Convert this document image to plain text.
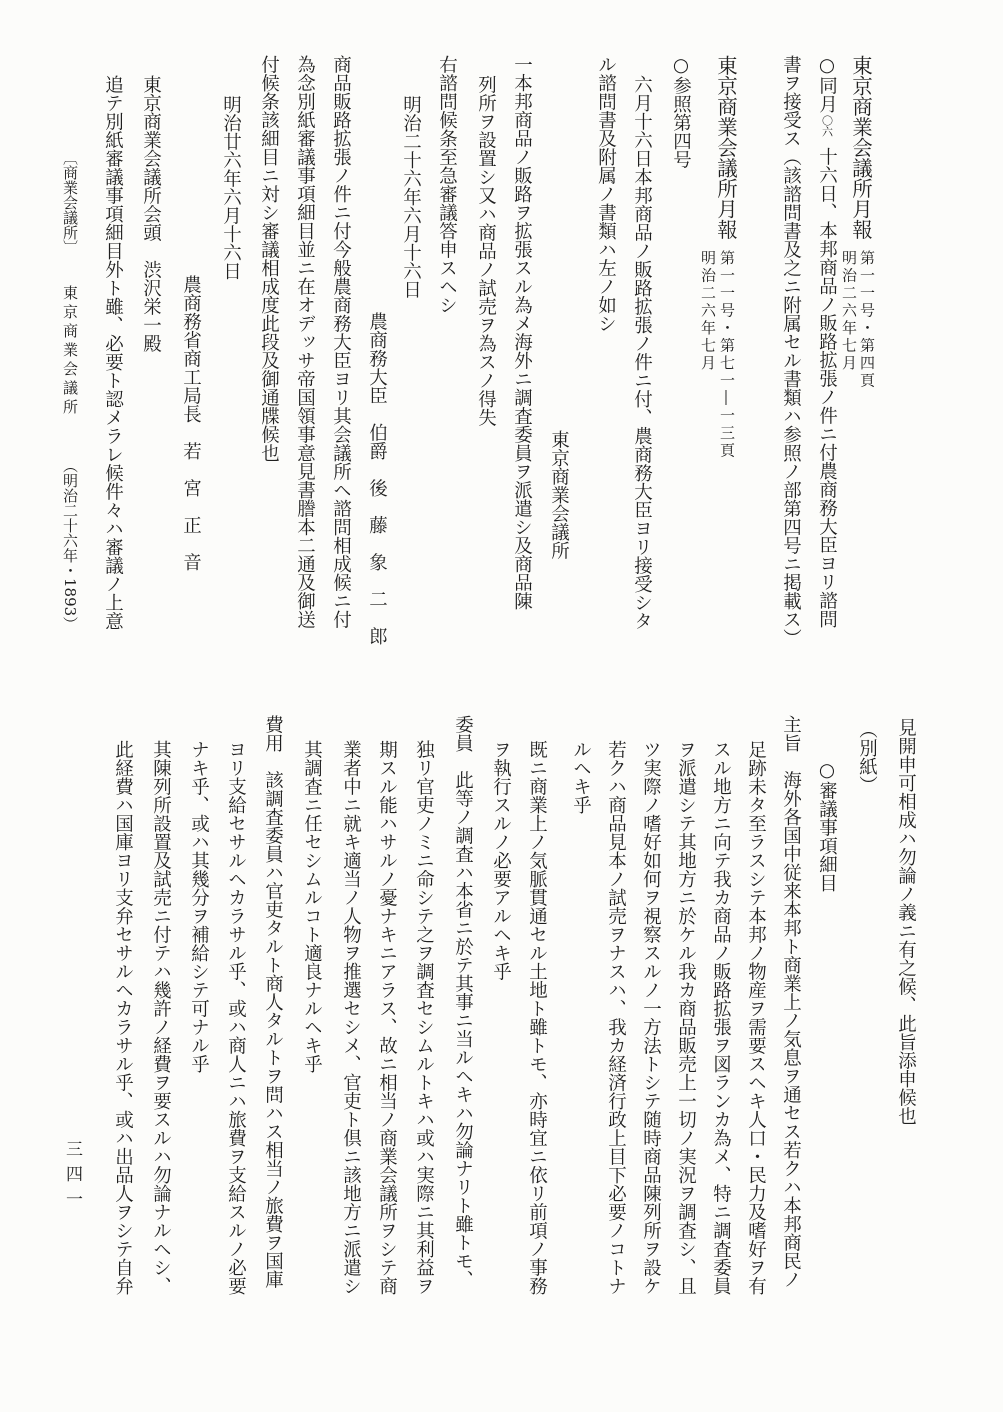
東京商業会議所月報
第一一号・第四頁
明治二六年七月
○同月〇六十六日、本邦商品ノ販路拡張ノ件ニ付農商務大臣ヨリ諮問
書ヲ接受ス（該諮問書及之ニ附属セル書類ハ参照ノ部第四号ニ掲載ス）
東京商業会議所月報
第一一号・第七一―一三頁
明治二六年七月
○参照第四号
六月十六日本邦商品ノ販路拡張ノ件ニ付、農商務大臣ヨリ接受シタ
ル諮問書及附属ノ書類ハ左ノ如シ
東京商業会議所
一本邦商品ノ販路ヲ拡張スル為メ海外ニ調査委員ヲ派遣シ及商品陳
列所ヲ設置シ又ハ商品ノ試売ヲ為スノ得失
右諮問候条至急審議答申スヘシ
明治二十六年六月十六日
農商務大臣　伯爵　後　藤　象　二　郎
商品販路拡張ノ件ニ付今般農商務大臣ヨリ其会議所ヘ諮問相成候ニ付
為念別紙審議事項細目並ニ在オデッサ帝国領事意見書謄本二通及御送
付候条該細目ニ対シ審議相成度此段及御通牒候也
明治廿六年六月十六日
農商務省商工局長　若　宮　正　音
東京商業会議所会頭　渋沢栄一殿
追テ別紙審議事項細目外ト雖、必要ト認メラレ候件々ハ審議ノ上意
〔商業会議所〕東京商業会議所（明治二十六年・1893）
見開申可相成ハ勿論ノ義ニ有之候、此旨添申候也
（別紙）
○審議事項細目
主旨海外各国中従来本邦ト商業上ノ気息ヲ通セス若クハ本邦商民ノ
足跡未タ至ラスシテ本邦ノ物産ヲ需要スヘキ人口・民力及嗜好ヲ有
スル地方ニ向テ我カ商品ノ販路拡張ヲ図ランカ為メ、特ニ調査委員
ヲ派遣シテ其地方ニ於ケル我カ商品販売上一切ノ実況ヲ調査シ、且
ツ実際ノ嗜好如何ヲ視察スルノ一方法トシテ随時商品陳列所ヲ設ケ
若クハ商品見本ノ試売ヲナスハ、我カ経済行政上目下必要ノコトナ
ルヘキ乎
既ニ商業上ノ気脈貫通セル土地ト雖トモ、亦時宜ニ依リ前項ノ事務
ヲ執行スルノ必要アルヘキ乎
委員此等ノ調査ハ本省ニ於テ其事ニ当ルヘキハ勿論ナリト雖トモ、
独リ官吏ノミニ命シテ之ヲ調査セシムルトキハ或ハ実際ニ其利益ヲ
期スル能ハサルノ憂ナキニアラス、故ニ相当ノ商業会議所ヲシテ商
業者中ニ就キ適当ノ人物ヲ推選セシメ、官吏ト倶ニ該地方ニ派遣シ
其調査ニ任セシムルコト適良ナルヘキ乎
費用該調査委員ハ官吏タルト商人タルトヲ問ハス相当ノ旅費ヲ国庫
ヨリ支給セサルヘカラサル乎、或ハ商人ニハ旅費ヲ支給スルノ必要
ナキ乎、或ハ其幾分ヲ補給シテ可ナル乎
其陳列所設置及試売ニ付テハ幾許ノ経費ヲ要スルハ勿論ナルヘシ、
此経費ハ国庫ヨリ支弁セサルヘカラサル乎、或ハ出品人ヲシテ自弁
三四一
